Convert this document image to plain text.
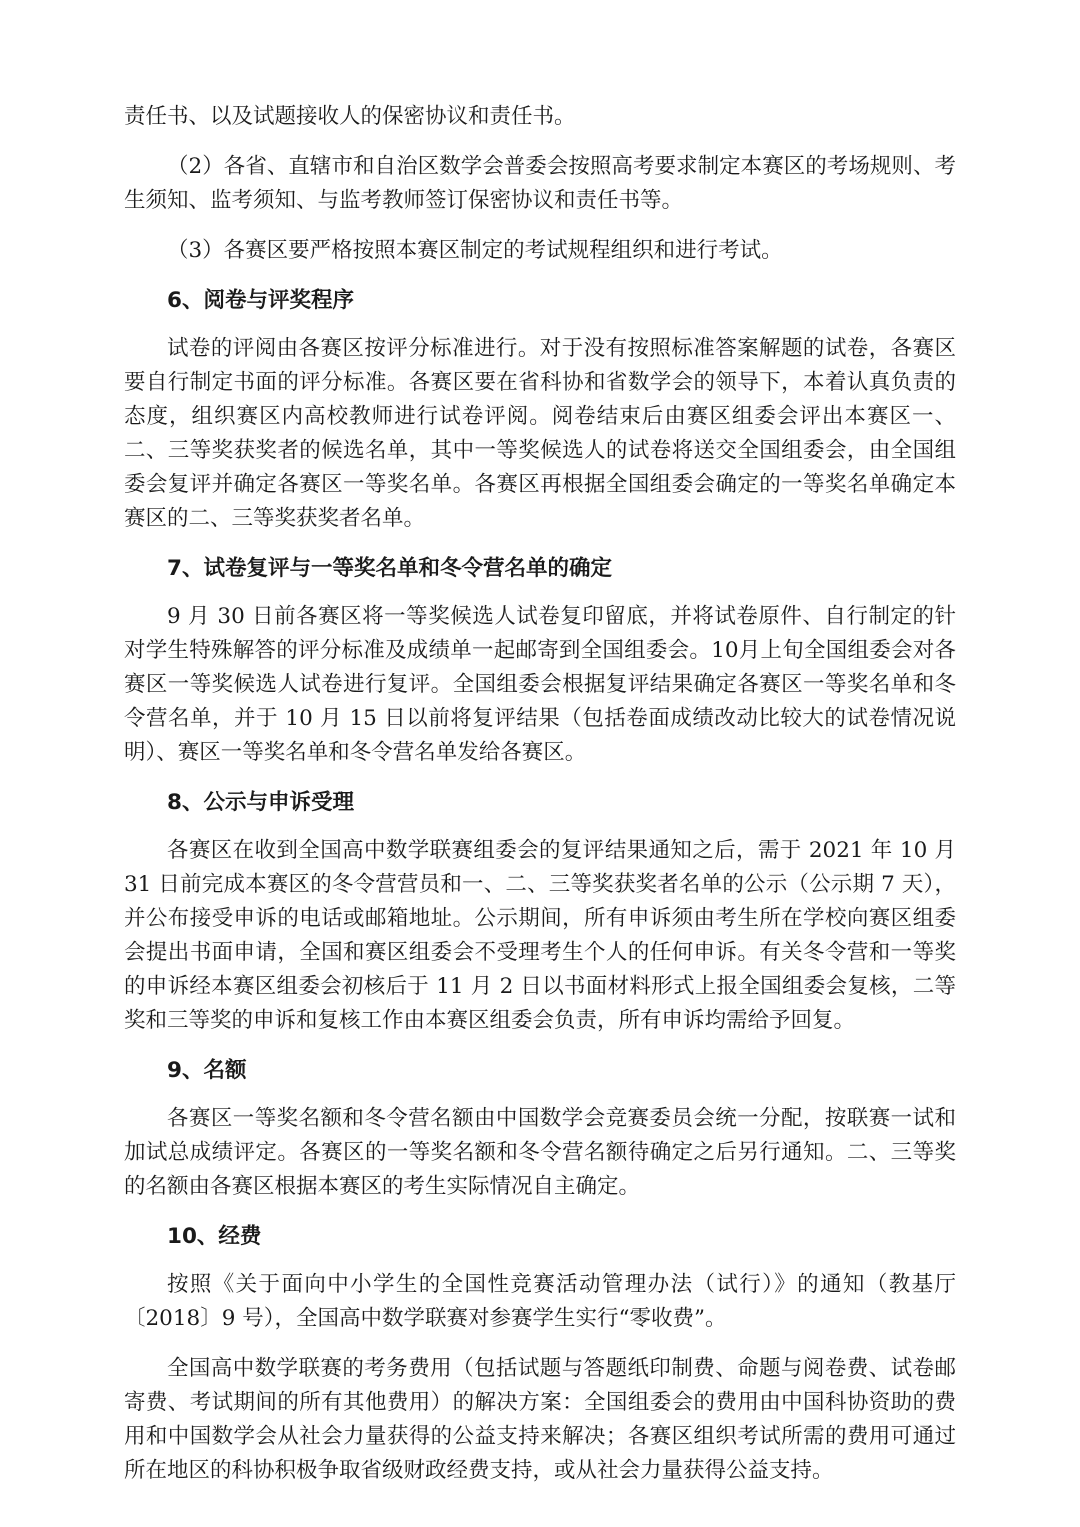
责任书、以及试题接收人的保密协议和责任书。

（2）各省、直辖市和自治区数学会普委会按照高考要求制定本赛区的考场规则、考生须知、监考须知、与监考教师签订保密协议和责任书等。

（3）各赛区要严格按照本赛区制定的考试规程组织和进行考试。

6、阅卷与评奖程序

试卷的评阅由各赛区按评分标准进行。对于没有按照标准答案解题的试卷，各赛区要自行制定书面的评分标准。各赛区要在省科协和省数学会的领导下，本着认真负责的态度，组织赛区内高校教师进行试卷评阅。阅卷结束后由赛区组委会评出本赛区一、二、三等奖获奖者的候选名单，其中一等奖候选人的试卷将送交全国组委会，由全国组委会复评并确定各赛区一等奖名单。各赛区再根据全国组委会确定的一等奖名单确定本赛区的二、三等奖获奖者名单。

7、试卷复评与一等奖名单和冬令营名单的确定

9 月 30 日前各赛区将一等奖候选人试卷复印留底，并将试卷原件、自行制定的针对学生特殊解答的评分标准及成绩单一起邮寄到全国组委会。10月上旬全国组委会对各赛区一等奖候选人试卷进行复评。全国组委会根据复评结果确定各赛区一等奖名单和冬令营名单，并于 10 月 15 日以前将复评结果（包括卷面成绩改动比较大的试卷情况说明）、赛区一等奖名单和冬令营名单发给各赛区。

8、公示与申诉受理

各赛区在收到全国高中数学联赛组委会的复评结果通知之后，需于 2021 年 10 月 31 日前完成本赛区的冬令营营员和一、二、三等奖获奖者名单的公示（公示期 7 天），并公布接受申诉的电话或邮箱地址。公示期间，所有申诉须由考生所在学校向赛区组委会提出书面申请，全国和赛区组委会不受理考生个人的任何申诉。有关冬令营和一等奖的申诉经本赛区组委会初核后于 11 月 2 日以书面材料形式上报全国组委会复核，二等奖和三等奖的申诉和复核工作由本赛区组委会负责，所有申诉均需给予回复。

9、名额

各赛区一等奖名额和冬令营名额由中国数学会竞赛委员会统一分配，按联赛一试和加试总成绩评定。各赛区的一等奖名额和冬令营名额待确定之后另行通知。二、三等奖的名额由各赛区根据本赛区的考生实际情况自主确定。

10、经费

按照《关于面向中小学生的全国性竞赛活动管理办法（试行）》的通知（教基厅〔2018〕9 号），全国高中数学联赛对参赛学生实行“零收费”。

全国高中数学联赛的考务费用（包括试题与答题纸印制费、命题与阅卷费、试卷邮寄费、考试期间的所有其他费用）的解决方案：全国组委会的费用由中国科协资助的费用和中国数学会从社会力量获得的公益支持来解决；各赛区组织考试所需的费用可通过所在地区的科协积极争取省级财政经费支持，或从社会力量获得公益支持。
